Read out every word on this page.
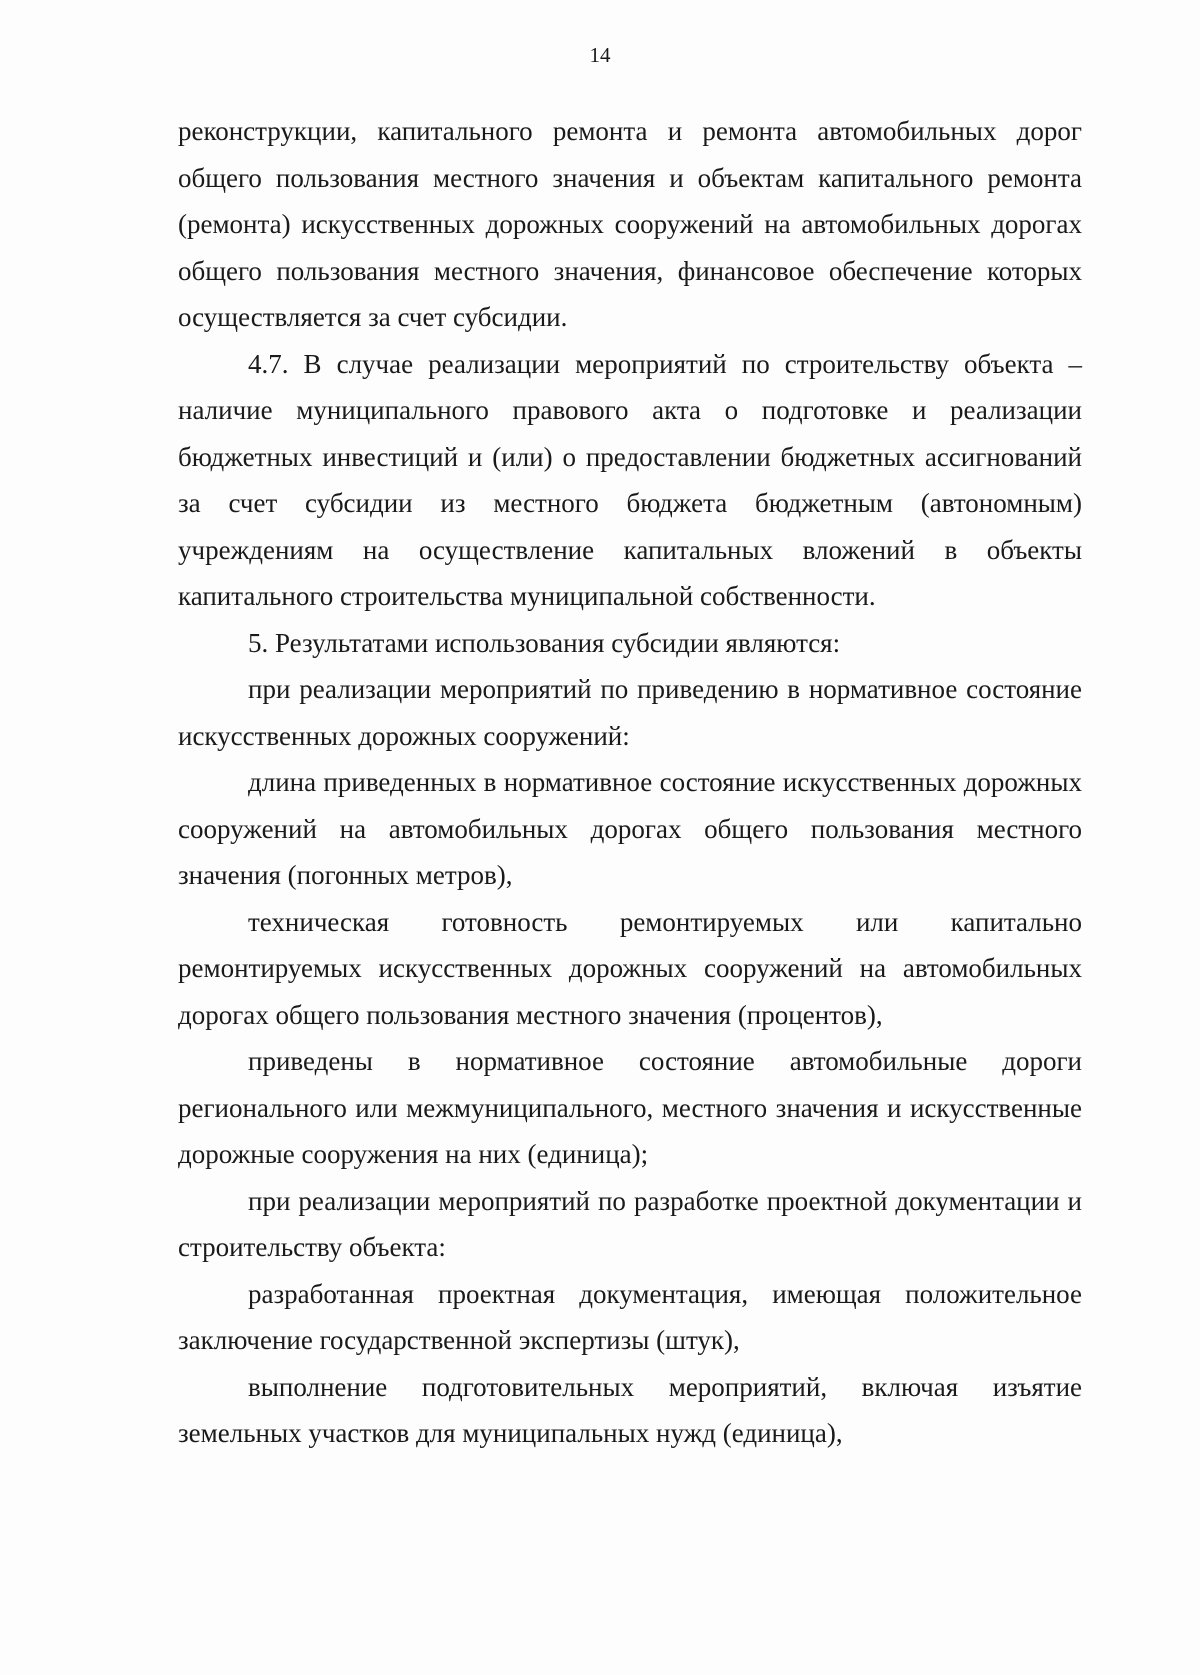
14

реконструкции, капитального ремонта и ремонта автомобильных дорог общего пользования местного значения и объектам капитального ремонта (ремонта) искусственных дорожных сооружений на автомобильных дорогах общего пользования местного значения, финансовое обеспечение которых осуществляется за счет субсидии.

4.7. В случае реализации мероприятий по строительству объекта – наличие муниципального правового акта о подготовке и реализации бюджетных инвестиций и (или) о предоставлении бюджетных ассигнований за счет субсидии из местного бюджета бюджетным (автономным) учреждениям на осуществление капитальных вложений в объекты капитального строительства муниципальной собственности.

5. Результатами использования субсидии являются:

при реализации мероприятий по приведению в нормативное состояние искусственных дорожных сооружений:

длина приведенных в нормативное состояние искусственных дорожных сооружений на автомобильных дорогах общего пользования местного значения (погонных метров),

техническая готовность ремонтируемых или капитально ремонтируемых искусственных дорожных сооружений на автомобильных дорогах общего пользования местного значения (процентов),

приведены в нормативное состояние автомобильные дороги регионального или межмуниципального, местного значения и искусственные дорожные сооружения на них (единица);

при реализации мероприятий по разработке проектной документации и строительству объекта:

разработанная проектная документация, имеющая положительное заключение государственной экспертизы (штук),

выполнение подготовительных мероприятий, включая изъятие земельных участков для муниципальных нужд (единица),
